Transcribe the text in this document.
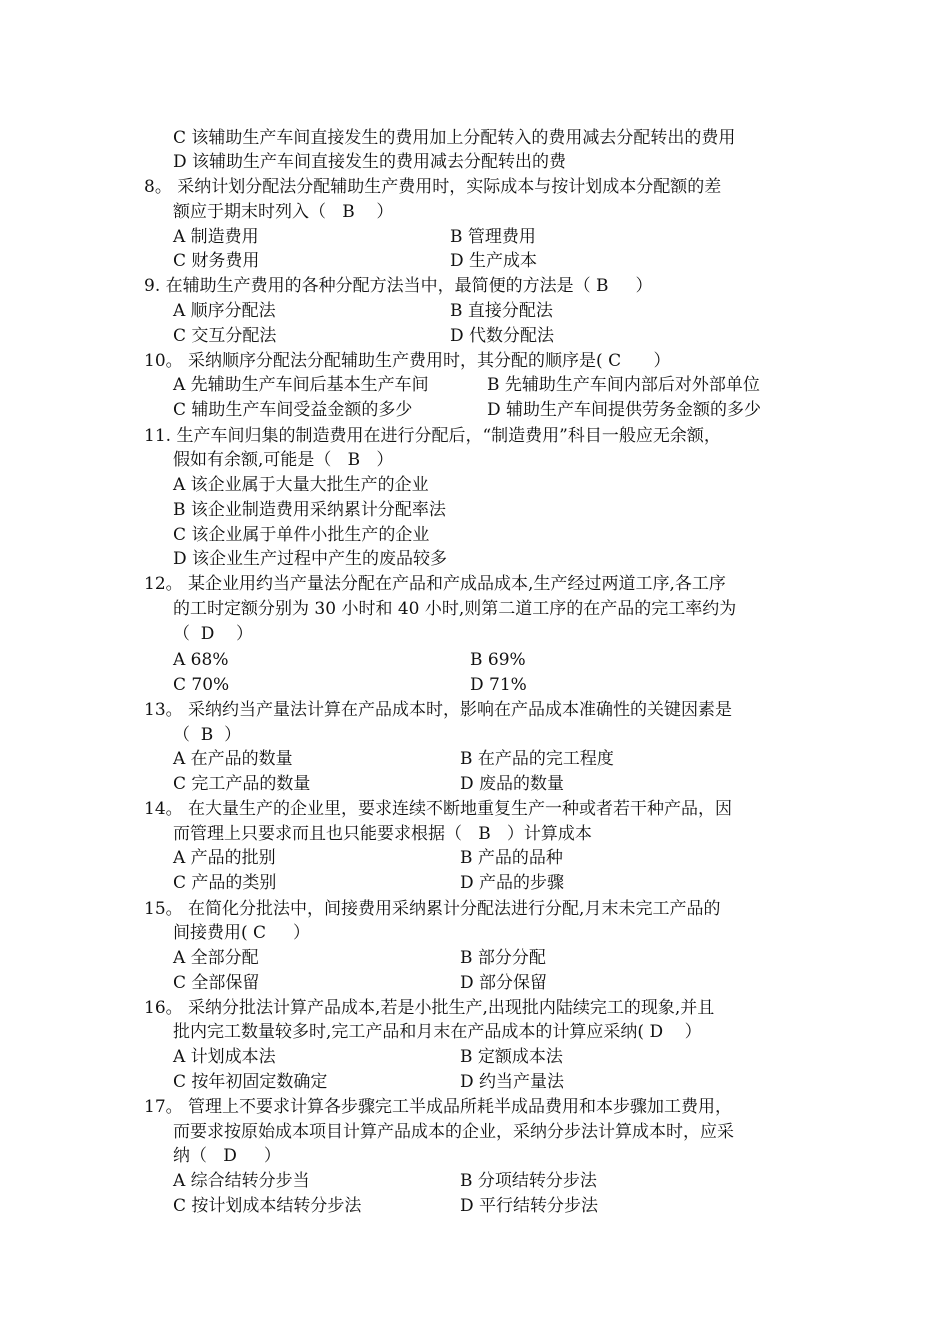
C 该辅助生产车间直接发生的费用加上分配转入的费用减去分配转出的费用
D 该辅助生产车间直接发生的费用减去分配转出的费
8。 采纳计划分配法分配辅助生产费用时，实际成本与按计划成本分配额的差
额应于期末时列入（   B    ）
A 制造费用	B 管理费用
C 财务费用	D 生产成本
9. 在辅助生产费用的各种分配方法当中，最简便的方法是（ B     ）
A 顺序分配法	B 直接分配法
C 交互分配法	D 代数分配法
10。 采纳顺序分配法分配辅助生产费用时，其分配的顺序是( C      ）
A 先辅助生产车间后基本生产车间	B 先辅助生产车间内部后对外部单位
C 辅助生产车间受益金额的多少	D 辅助生产车间提供劳务金额的多少
11. 生产车间归集的制造费用在进行分配后，“制造费用”科目一般应无余额，
假如有余额,可能是（   B   ）
A 该企业属于大量大批生产的企业
B 该企业制造费用采纳累计分配率法
C 该企业属于单件小批生产的企业
D 该企业生产过程中产生的废品较多
12。 某企业用约当产量法分配在产品和产成品成本,生产经过两道工序,各工序
的工时定额分别为 30 小时和 40 小时,则第二道工序的在产品的完工率约为
（  D    ）
A 68%	B 69%
C 70%	D 71%
13。 采纳约当产量法计算在产品成本时，影响在产品成本准确性的关键因素是
（  B  ）
A 在产品的数量	B 在产品的完工程度
C 完工产品的数量	D 废品的数量
14。 在大量生产的企业里，要求连续不断地重复生产一种或者若干种产品，因
而管理上只要求而且也只能要求根据（   B   ）计算成本
A 产品的批别	B 产品的品种
C 产品的类别	D 产品的步骤
15。 在简化分批法中，间接费用采纳累计分配法进行分配,月末未完工产品的
间接费用( C     ）
A 全部分配	B 部分分配
C 全部保留	D 部分保留
16。 采纳分批法计算产品成本,若是小批生产,出现批内陆续完工的现象,并且
批内完工数量较多时,完工产品和月末在产品成本的计算应采纳( D    ）
A 计划成本法	B 定额成本法
C 按年初固定数确定	D 约当产量法
17。 管理上不要求计算各步骤完工半成品所耗半成品费用和本步骤加工费用，
而要求按原始成本项目计算产品成本的企业，采纳分步法计算成本时，应采
纳（   D     ）
A 综合结转分步当	B 分项结转分步法
C 按计划成本结转分步法	D 平行结转分步法
